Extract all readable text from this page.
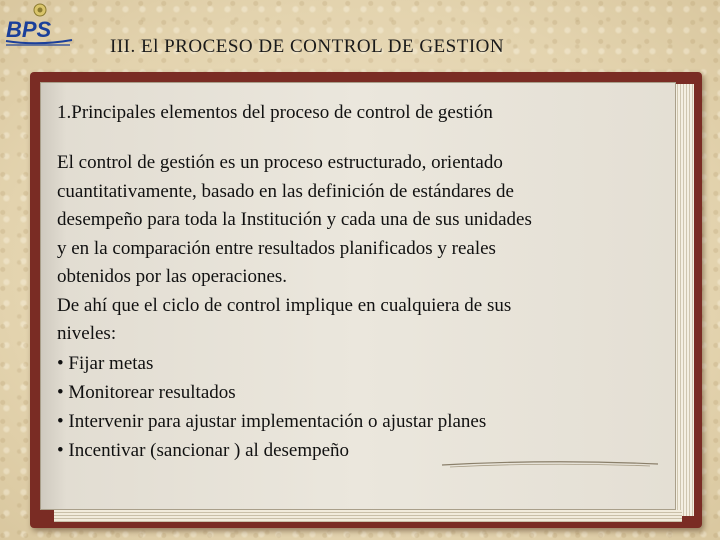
BPS
III. El PROCESO DE CONTROL DE GESTION

1.Principales elementos del proceso de control de gestión

El control de gestión es un proceso estructurado, orientado
cuantitativamente, basado en las definición de estándares de
desempeño para toda la Institución y cada una de sus unidades
y en la comparación entre resultados planificados y reales
obtenidos por las operaciones.
De ahí que el ciclo de control implique en cualquiera de sus
niveles:
• Fijar metas
• Monitorear resultados
• Intervenir para ajustar implementación o ajustar planes
• Incentivar (sancionar ) al desempeño
